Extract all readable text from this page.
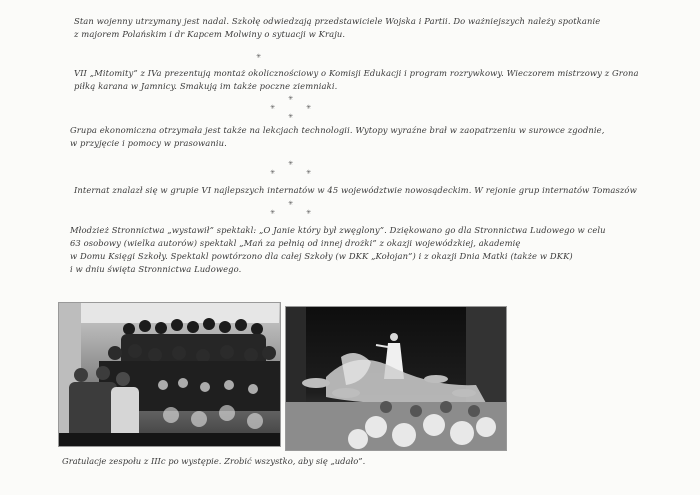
Stan wojenny utrzymany jest nadal. Szkołę odwiedzają przedstawiciele Wojska i Partii. Do ważniejszych należy spotkanie
z majorem Polańskim i dr Kapcem Molwiny o sytuacji w Kraju.
✳
VII „Mitomity” z IVa prezentują montaż okolicznościowy o Komisji Edukacji i program rozrywkowy. Wieczorem mistrzowy z Grona
piłką karana w Jamnicy. Smakują im także poczne ziemniaki.
✳
✳	✳
✳
Grupa ekonomiczna otrzymała jest także na lekcjach technologii. Wytopy wyraźne brał w zaopatrzeniu w surowce zgodnie,
w przyjęcie i pomocy w prasowaniu.
✳
✳	✳
Internat znalazł się w grupie VI najlepszych internatów w 45 województwie nowosądeckim. W rejonie grup internatów Tomaszów
✳
✳	✳
Młodzież Stronnictwa „wystawił” spektakl: „O Janie który był zwęglony”. Dziękowano go dla Stronnictwa Ludowego w celu
63 osobowy (wielka autorów) spektakl „Mań za pełnią od innej drożki” z okazji wojewódzkiej, akademię
w Domu Księgi Szkoły. Spektakl powtórzono dla całej Szkoły (w DKK „Kołojan”) i z okazji Dnia Matki (także w DKK)
i w dniu święta Stronnictwa Ludowego.
Gratulacje zespołu z IIIc po występie. Zrobić wszystko, aby się „udało”.
